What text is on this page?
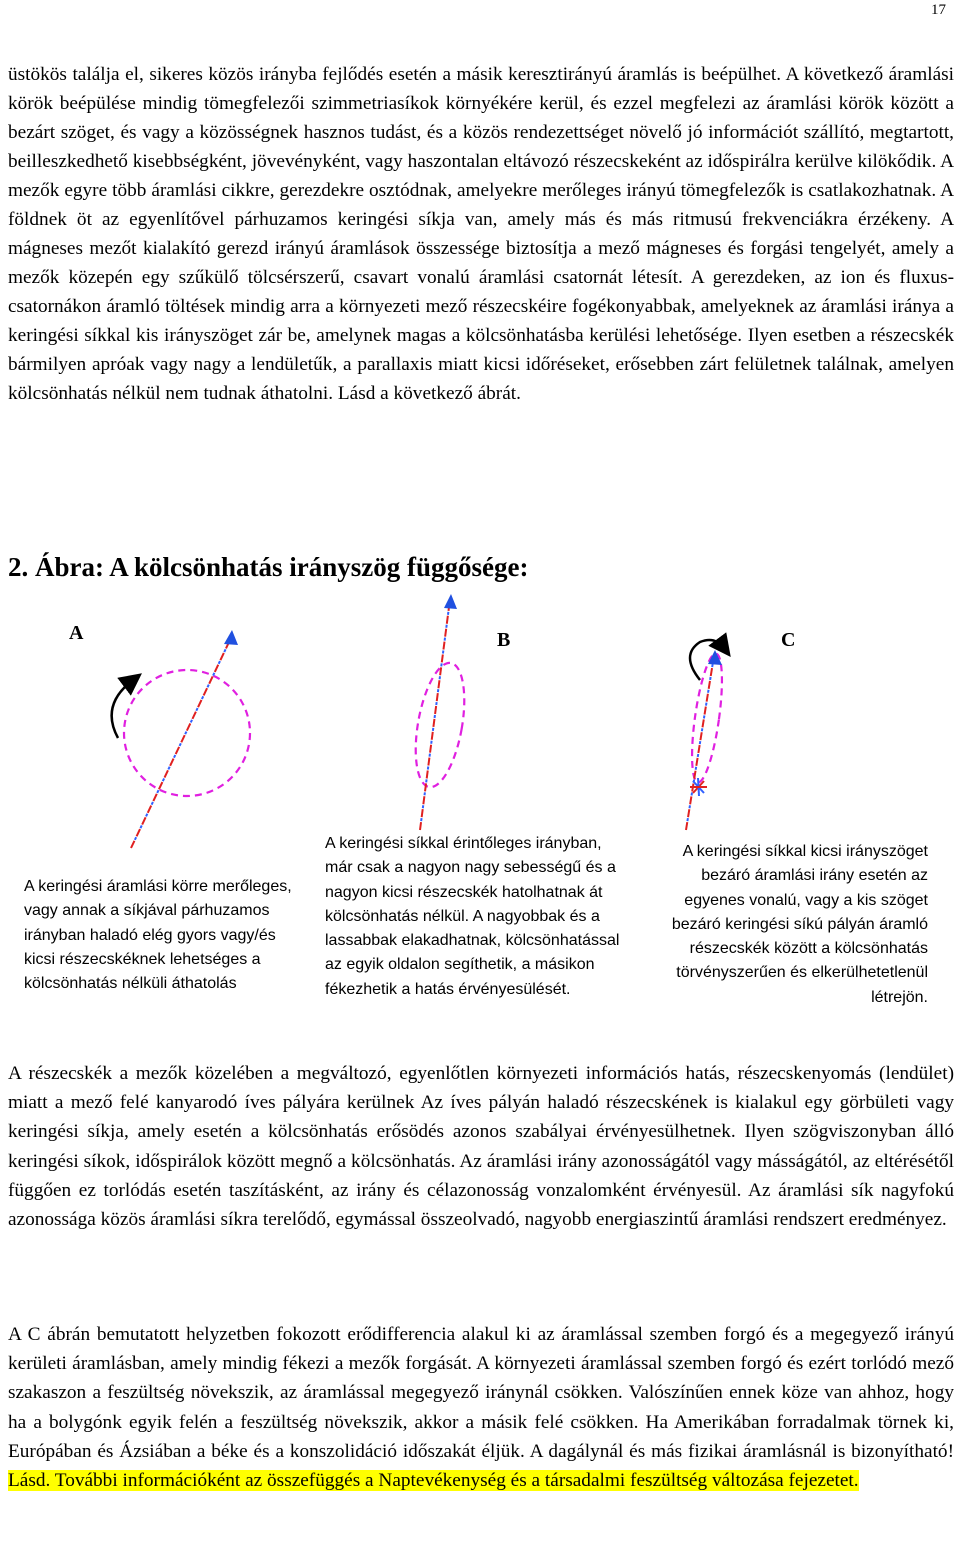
17

üstökös találja el, sikeres közös irányba fejlődés esetén a másik keresztirányú áramlás is beépülhet. A következő áramlási körök beépülése mindig tömegfelezői szimmetriasíkok környékére kerül, és ezzel megfelezi az áramlási körök között a bezárt szöget, és vagy a közösségnek hasznos tudást, és a közös rendezettséget növelő jó információt szállító, megtartott, beilleszkedhető kisebbségként, jövevényként, vagy haszontalan eltávozó részecskeként az időspirálra kerülve kilökődik. A mezők egyre több áramlási cikkre, gerezdekre osztódnak, amelyekre merőleges irányú tömegfelezők is csatlakozhatnak. A földnek öt az egyenlítővel párhuzamos keringési síkja van, amely más és más ritmusú frekvenciákra érzékeny. A mágneses mezőt kialakító gerezd irányú áramlások összessége biztosítja a mező mágneses és forgási tengelyét, amely a mezők közepén egy szűkülő tölcsérszerű, csavart vonalú áramlási csatornát létesít. A gerezdeken, az ion és fluxus-csatornákon áramló töltések mindig arra a környezeti mező részecskéire fogékonyabbak, amelyeknek az áramlási iránya a keringési síkkal kis irányszöget zár be, amelynek magas a kölcsönhatásba kerülési lehetősége. Ilyen esetben a részecskék bármilyen apróak vagy nagy a lendületűk, a parallaxis miatt kicsi időréseket, erősebben zárt felületnek találnak, amelyen kölcsönhatás nélkül nem tudnak áthatolni. Lásd a következő ábrát.

2. Ábra: A kölcsönhatás irányszög függősége:
A	B	C

A keringési áramlási körre merőleges, vagy annak a síkjával párhuzamos irányban haladó elég gyors vagy/és kicsi részecskéknek lehetséges a kölcsönhatás nélküli áthatolás

A keringési síkkal érintőleges irányban, már csak a nagyon nagy sebességű és a nagyon kicsi részecskék hatolhatnak át kölcsönhatás nélkül. A nagyobbak és a lassabbak elakadhatnak, kölcsönhatással az egyik oldalon segíthetik, a másikon fékezhetik a hatás érvényesülését.

A keringési síkkal kicsi irányszöget bezáró áramlási irány esetén az egyenes vonalú, vagy a kis szöget bezáró keringési síkú pályán áramló részecskék között a kölcsönhatás törvényszerűen és elkerülhetetlenül létrejön.

A részecskék a mezők közelében a megváltozó, egyenlőtlen környezeti információs hatás, részecskenyomás (lendület) miatt a mező felé kanyarodó íves pályára kerülnek Az íves pályán haladó részecskének is kialakul egy görbületi vagy keringési síkja, amely esetén a kölcsönhatás erősödés azonos szabályai érvényesülhetnek. Ilyen szögviszonyban álló keringési síkok, időspirálok között megnő a kölcsönhatás. Az áramlási irány azonosságától vagy másságától, az eltérésétől függően ez torlódás esetén taszításként, az irány és célazonosság vonzalomként érvényesül. Az áramlási sík nagyfokú azonossága közös áramlási síkra terelődő, egymással összeolvadó, nagyobb energiaszintű áramlási rendszert eredményez.

A C ábrán bemutatott helyzetben fokozott erődifferencia alakul ki az áramlással szemben forgó és a megegyező irányú kerületi áramlásban, amely mindig fékezi a mezők forgását. A környezeti áramlással szemben forgó és ezért torlódó mező szakaszon a feszültség növekszik, az áramlással megegyező iránynál csökken. Valószínűen ennek köze van ahhoz, hogy ha a bolygónk egyik felén a feszültség növekszik, akkor a másik felé csökken. Ha Amerikában forradalmak törnek ki, Európában és Ázsiában a béke és a konszolidáció időszakát éljük. A dagálynál és más fizikai áramlásnál is bizonyítható! Lásd. További információként az összefüggés a Naptevékenység és a társadalmi feszültség változása fejezetet.
